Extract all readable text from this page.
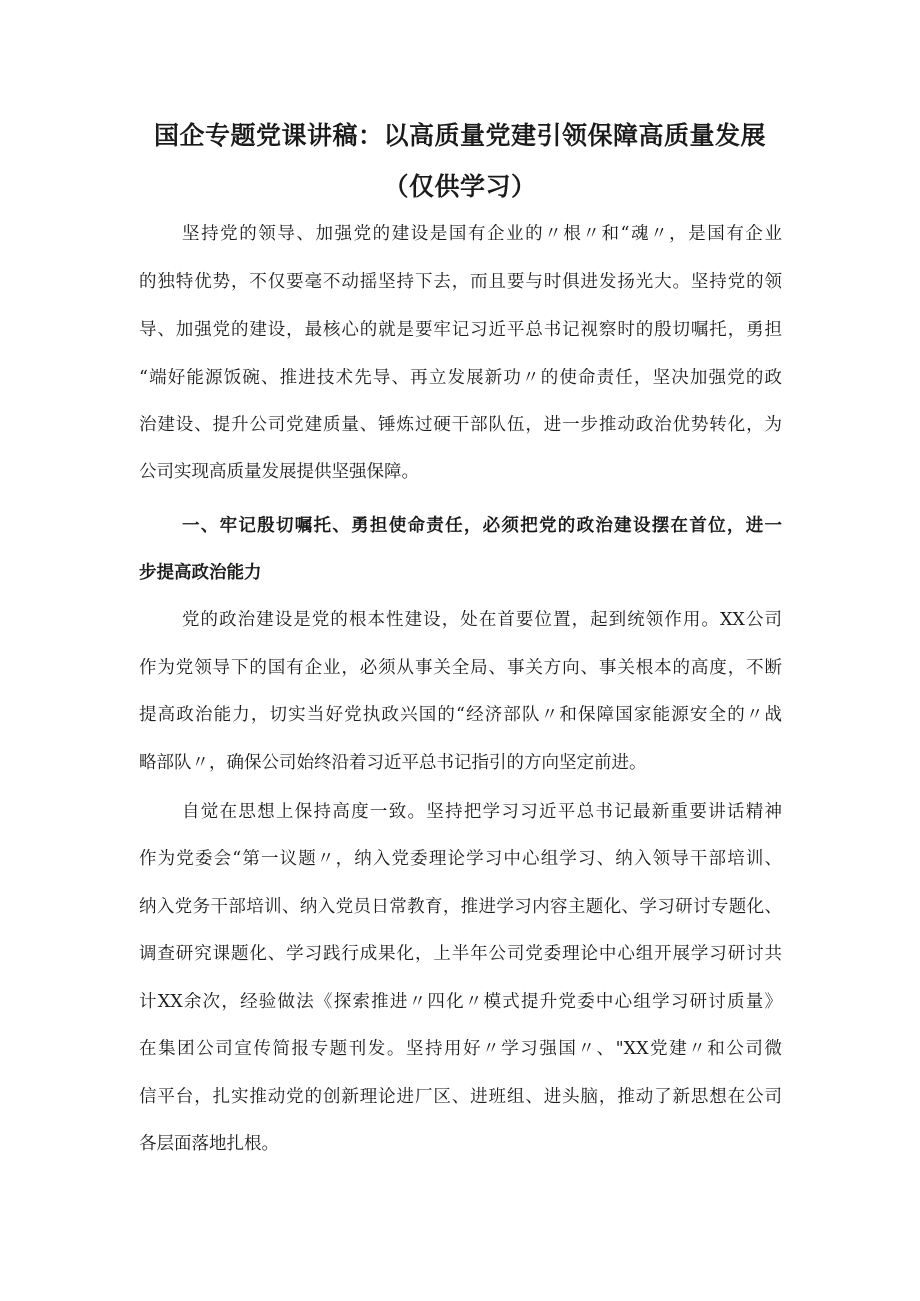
国企专题党课讲稿：以高质量党建引领保障高质量发展
（仅供学习）
坚持党的领导、加强党的建设是国有企业的〃根〃和“魂〃，是国有企业
的独特优势，不仅要毫不动摇坚持下去，而且要与时俱进发扬光大。坚持党的领
导、加强党的建设，最核心的就是要牢记习近平总书记视察时的殷切嘱托，勇担
“端好能源饭碗、推进技术先导、再立发展新功〃的使命责任，坚决加强党的政
治建设、提升公司党建质量、锤炼过硬干部队伍，进一步推动政治优势转化，为
公司实现高质量发展提供坚强保障。
一、牢记殷切嘱托、勇担使命责任，必须把党的政治建设摆在首位，进一
步提高政治能力
党的政治建设是党的根本性建设，处在首要位置，起到统领作用。XX公司
作为党领导下的国有企业，必须从事关全局、事关方向、事关根本的高度，不断
提高政治能力，切实当好党执政兴国的“经济部队〃和保障国家能源安全的〃战
略部队〃，确保公司始终沿着习近平总书记指引的方向坚定前进。
自觉在思想上保持高度一致。坚持把学习习近平总书记最新重要讲话精神
作为党委会“第一议题〃，纳入党委理论学习中心组学习、纳入领导干部培训、
纳入党务干部培训、纳入党员日常教育，推进学习内容主题化、学习研讨专题化、
调查研究课题化、学习践行成果化，上半年公司党委理论中心组开展学习研讨共
计XX余次，经验做法《探索推进〃四化〃模式提升党委中心组学习研讨质量》
在集团公司宣传简报专题刊发。坚持用好〃学习强国〃、"XX党建〃和公司微
信平台，扎实推动党的创新理论进厂区、进班组、进头脑，推动了新思想在公司
各层面落地扎根。
